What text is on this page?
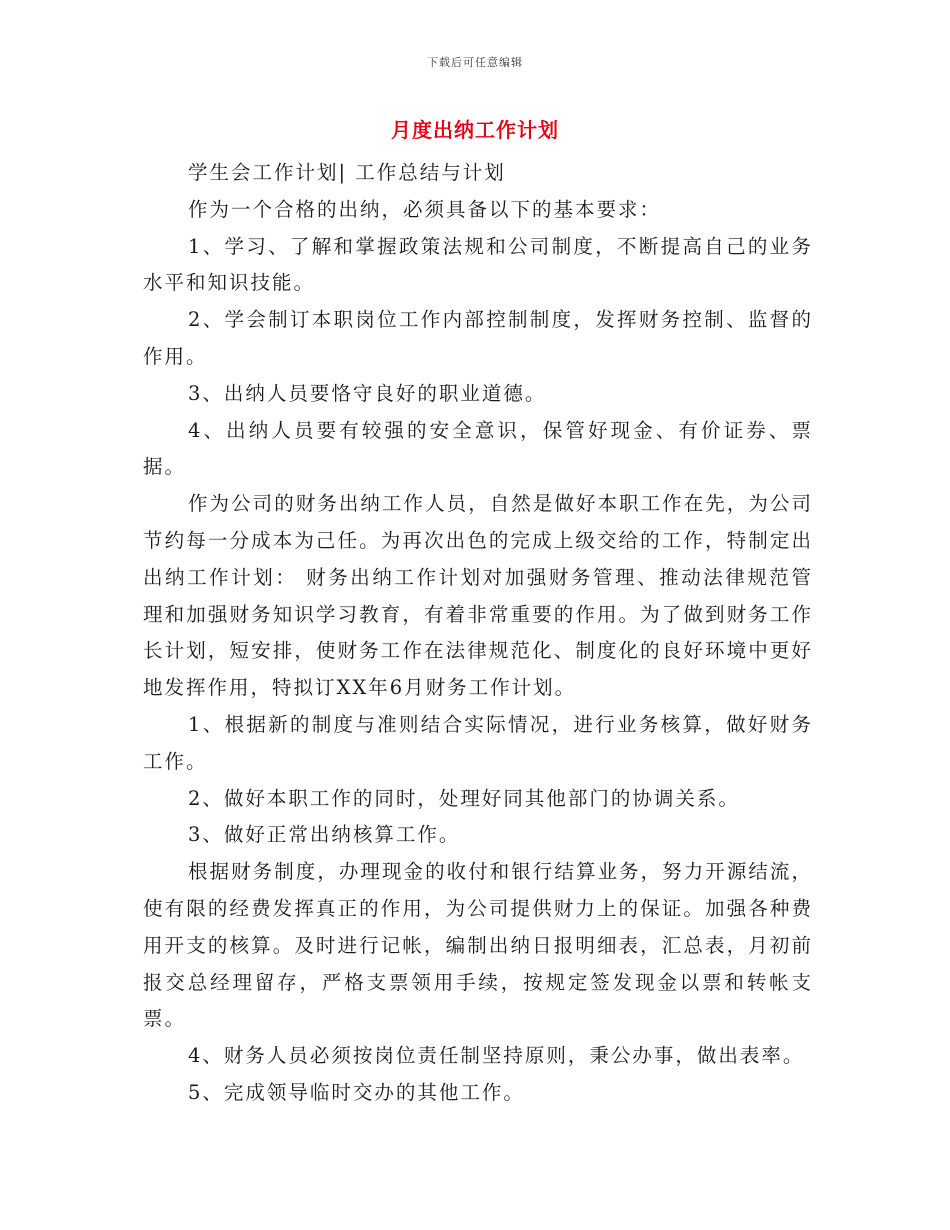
下载后可任意编辑
月度出纳工作计划

学生会工作计划| 工作总结与计划

作为一个合格的出纳，必须具备以下的基本要求：

1、学习、了解和掌握政策法规和公司制度，不断提高自己的业务水平和知识技能。

2、学会制订本职岗位工作内部控制制度，发挥财务控制、监督的作用。

3、出纳人员要恪守良好的职业道德。

4、出纳人员要有较强的安全意识，保管好现金、有价证券、票据。

作为公司的财务出纳工作人员，自然是做好本职工作在先，为公司节约每一分成本为己任。为再次出色的完成上级交给的工作，特制定出出纳工作计划： 财务出纳工作计划对加强财务管理、推动法律规范管理和加强财务知识学习教育，有着非常重要的作用。为了做到财务工作长计划，短安排，使财务工作在法律规范化、制度化的良好环境中更好地发挥作用，特拟订XX年6月财务工作计划。

1、根据新的制度与准则结合实际情况，进行业务核算，做好财务工作。

2、做好本职工作的同时，处理好同其他部门的协调关系。

3、做好正常出纳核算工作。

根据财务制度，办理现金的收付和银行结算业务，努力开源结流，使有限的经费发挥真正的作用，为公司提供财力上的保证。加强各种费用开支的核算。及时进行记帐，编制出纳日报明细表，汇总表，月初前报交总经理留存，严格支票领用手续，按规定签发现金以票和转帐支票。

4、财务人员必须按岗位责任制坚持原则，秉公办事，做出表率。

5、完成领导临时交办的其他工作。
